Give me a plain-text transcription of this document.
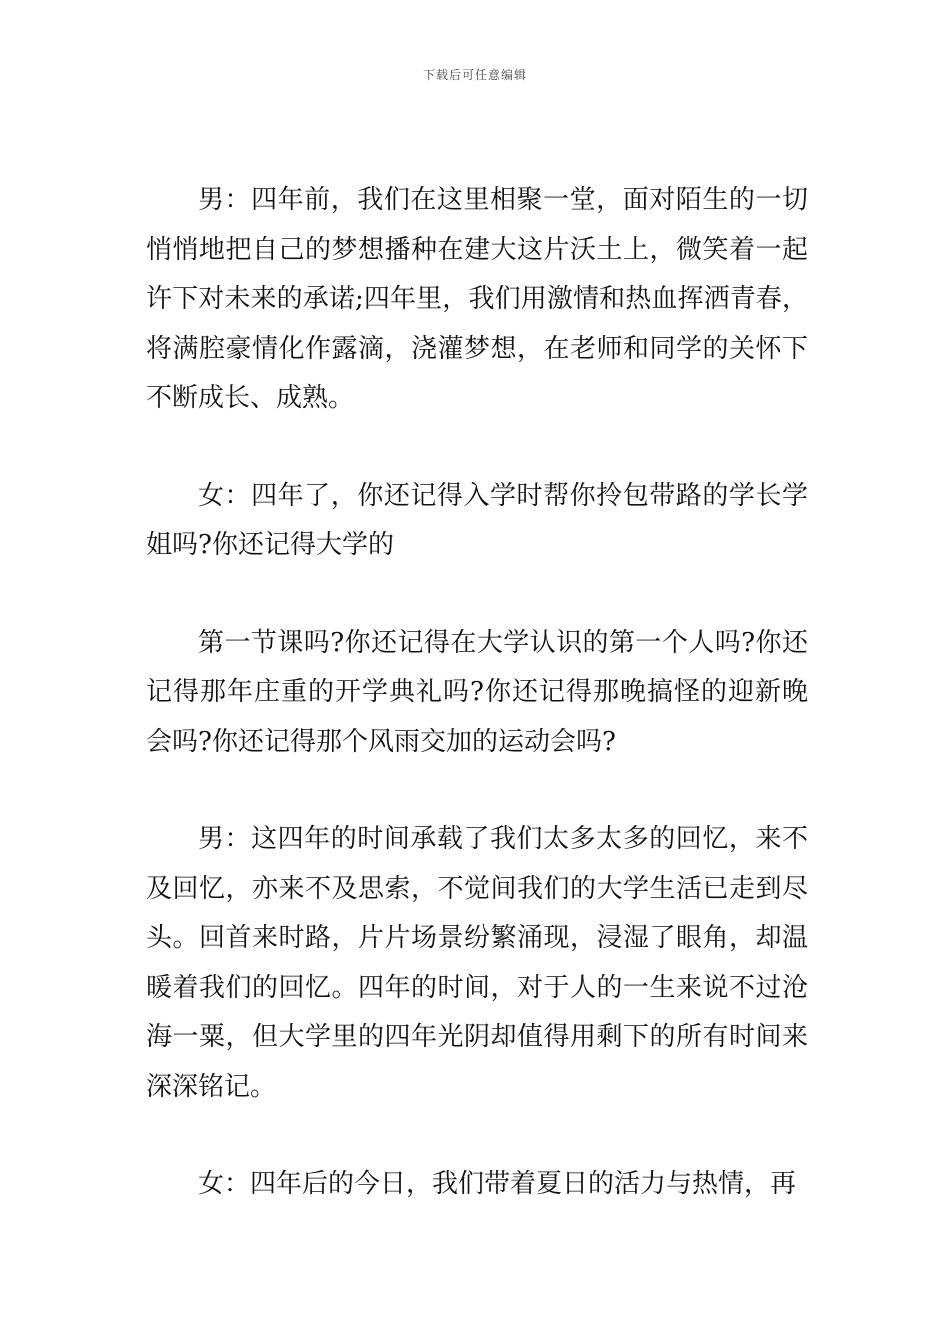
下载后可任意编辑

男：四年前，我们在这里相聚一堂，面对陌生的一切悄悄地把自己的梦想播种在建大这片沃土上，微笑着一起许下对未来的承诺;四年里，我们用激情和热血挥洒青春，将满腔豪情化作露滴，浇灌梦想，在老师和同学的关怀下不断成长、成熟。

女：四年了，你还记得入学时帮你拎包带路的学长学姐吗?你还记得大学的

第一节课吗?你还记得在大学认识的第一个人吗?你还记得那年庄重的开学典礼吗?你还记得那晚搞怪的迎新晚会吗?你还记得那个风雨交加的运动会吗?

男：这四年的时间承载了我们太多太多的回忆，来不及回忆，亦来不及思索，不觉间我们的大学生活已走到尽头。回首来时路，片片场景纷繁涌现，浸湿了眼角，却温暖着我们的回忆。四年的时间，对于人的一生来说不过沧海一粟，但大学里的四年光阴却值得用剩下的所有时间来深深铭记。

女：四年后的今日，我们带着夏日的活力与热情，再
